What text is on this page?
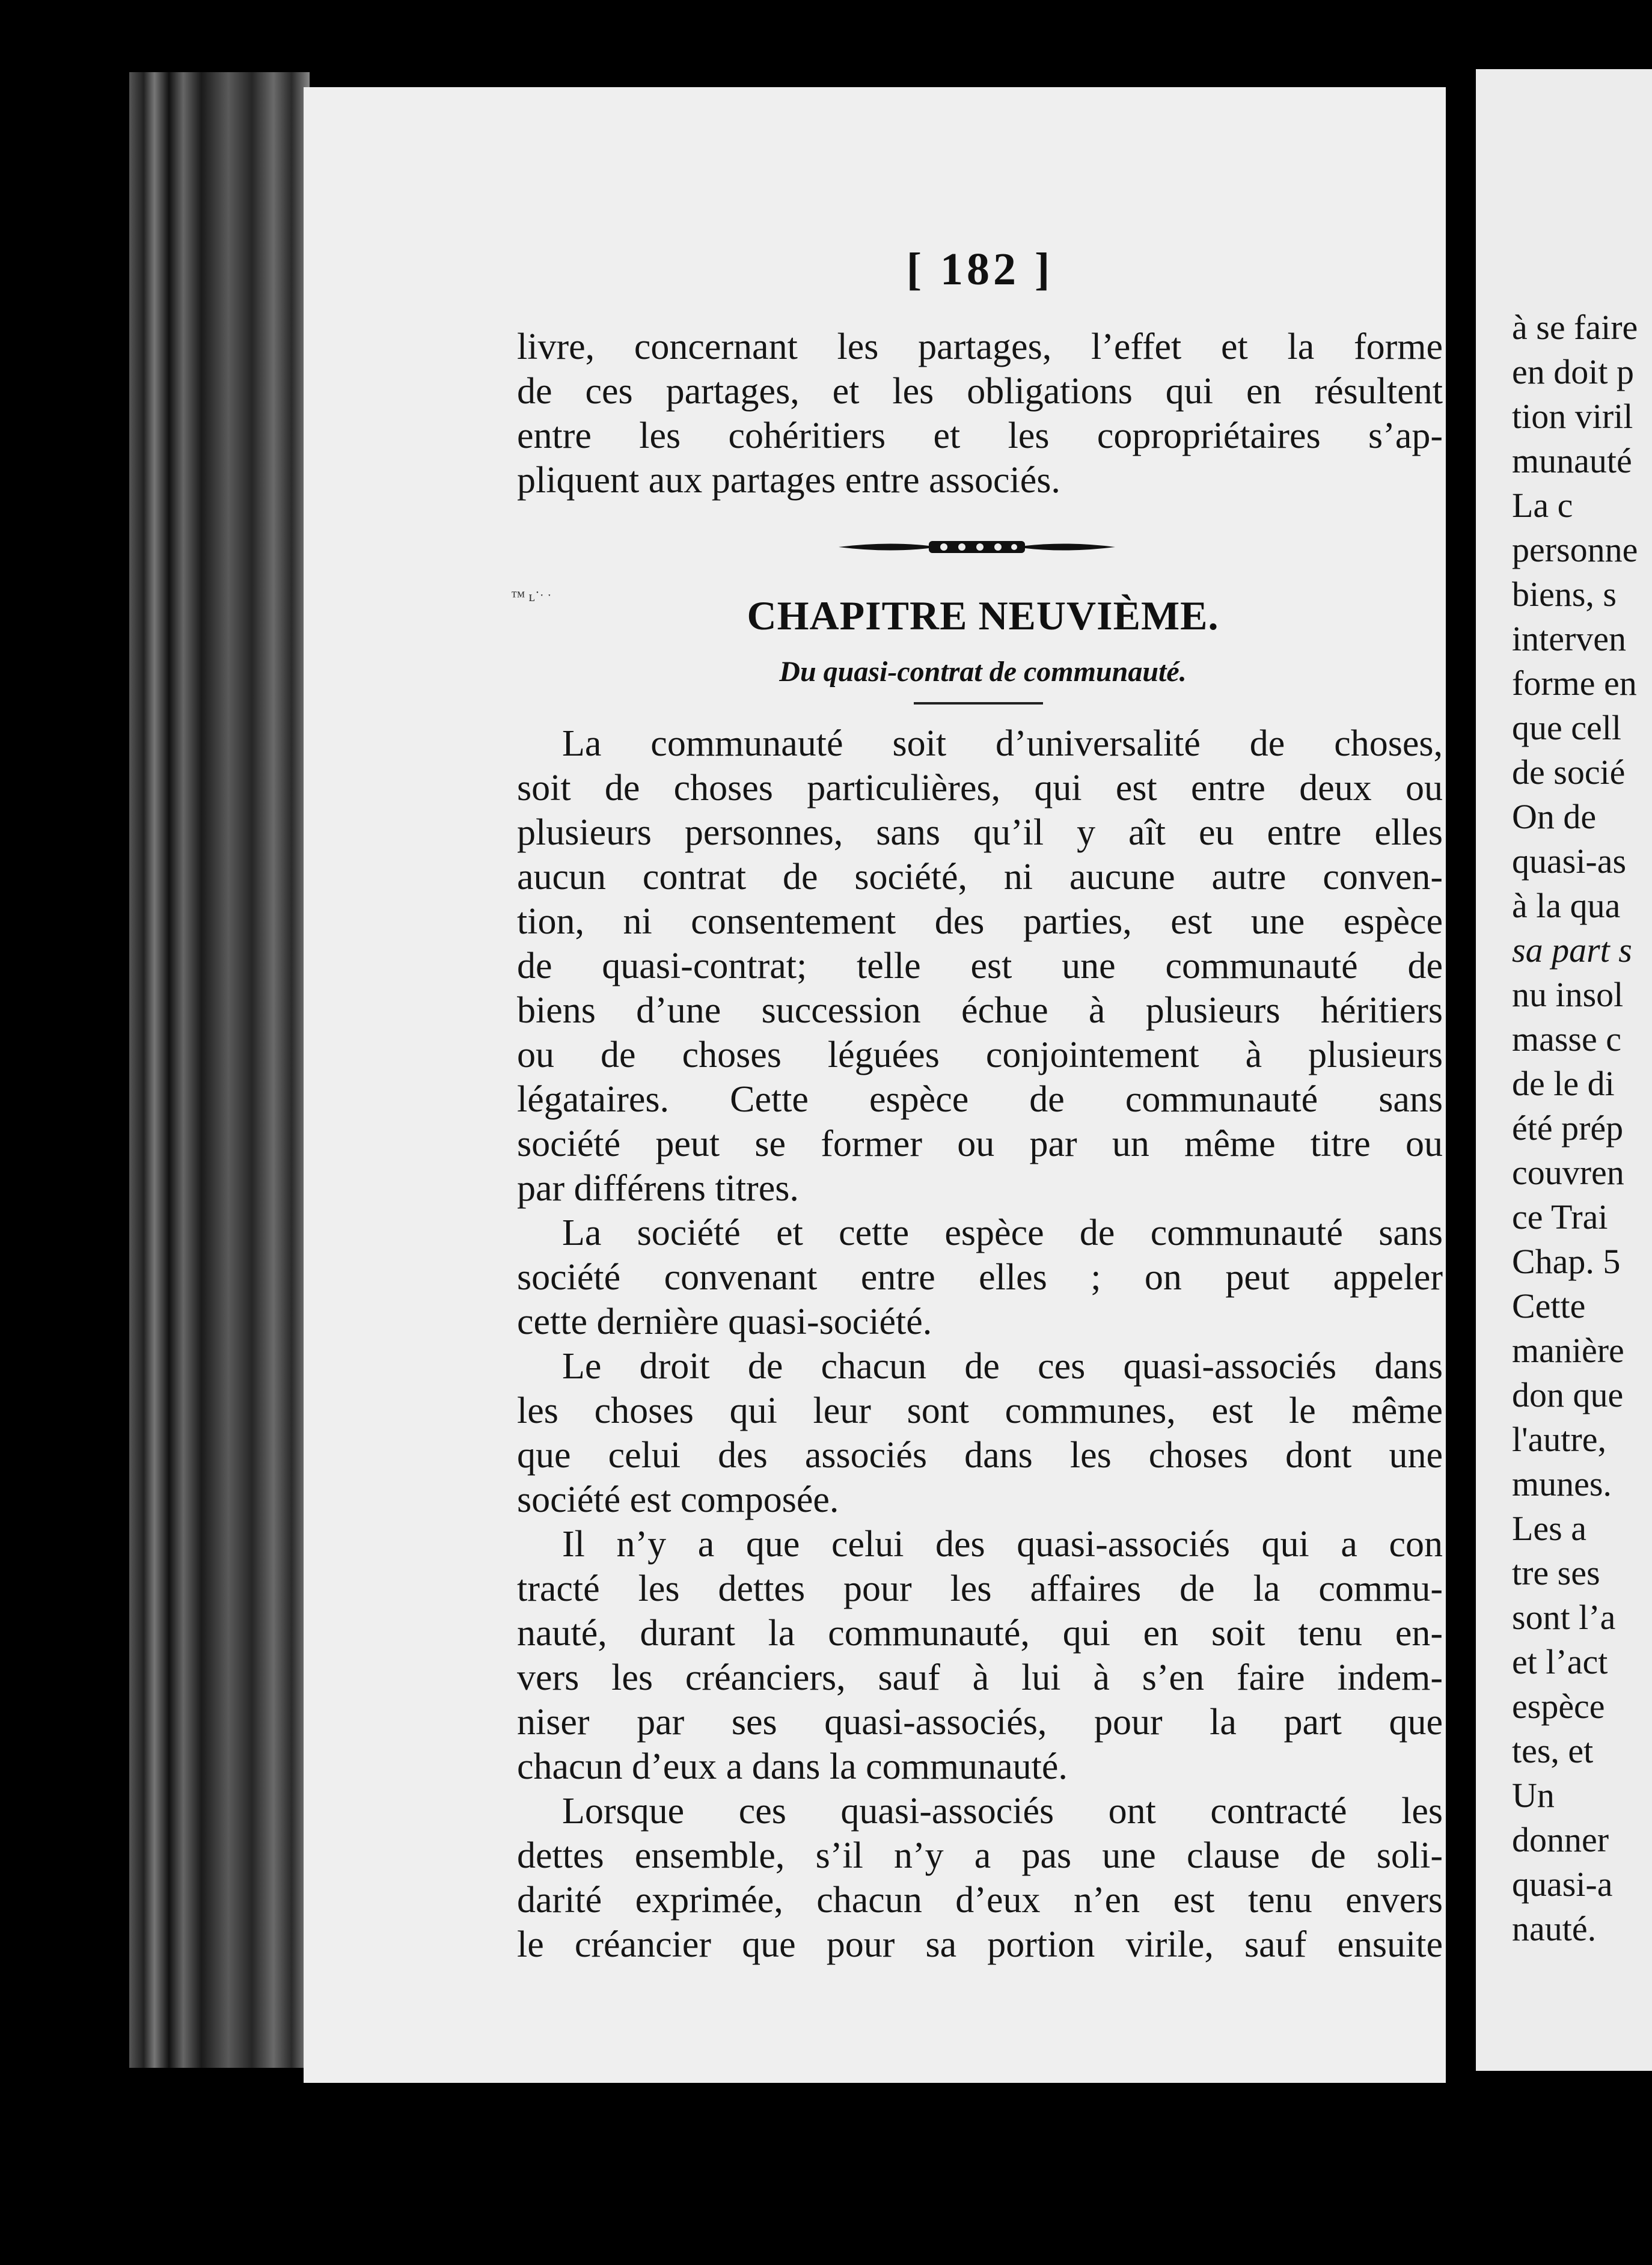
livre, concernant les partages, l’effet et la forme

de ces partages, et les obligations qui en résultent

entre les cohéritiers et les copropriétaires s’ap-

pliquent aux partages entre associés.

CHAPITRE NEUVIÈME.
Du quasi-contrat de communauté.

La communauté soit d’universalité de choses,

soit de choses particulières, qui est entre deux ou

plusieurs personnes, sans qu’il y aît eu entre elles

aucun contrat de société, ni aucune autre conven-

tion, ni consentement des parties, est une espèce

de quasi-contrat; telle est une communauté de

biens d’une succession échue à plusieurs héritiers

ou de choses léguées conjointement à plusieurs

légataires. Cette espèce de communauté sans

société peut se former ou par un même titre ou

par différens titres.

La société et cette espèce de communauté sans

société convenant entre elles ; on peut appeler

cette dernière quasi-société.

Le droit de chacun de ces quasi-associés dans

les choses qui leur sont communes, est le même

que celui des associés dans les choses dont une

société est composée.

Il n’y a que celui des quasi-associés qui a con

tracté les dettes pour les affaires de la commu-

nauté, durant la communauté, qui en soit tenu en-

vers les créanciers, sauf à lui à s’en faire indem-

niser par ses quasi-associés, pour la part que

chacun d’eux a dans la communauté.

Lorsque ces quasi-associés ont contracté les

dettes ensemble, s’il n’y a pas une clause de soli-

darité exprimée, chacun d’eux n’en est tenu envers

le créancier que pour sa portion virile, sauf ensuite

[ 182 ]
™ ʟ˙ˑ ˑ

à se faire

en doit p

tion viril

munauté

La c

personne

biens, s

interven

forme en

que cell

de socié

On de

quasi-as

à la qua

sa part s

nu insol

masse c

de le di

été prép

couvren

ce Trai

Chap. 5

Cette

manière

don que

l'autre,

munes.

Les a

tre ses

sont l’a

et l’act

espèce

tes, et

Un

donner

quasi-a

nauté.
